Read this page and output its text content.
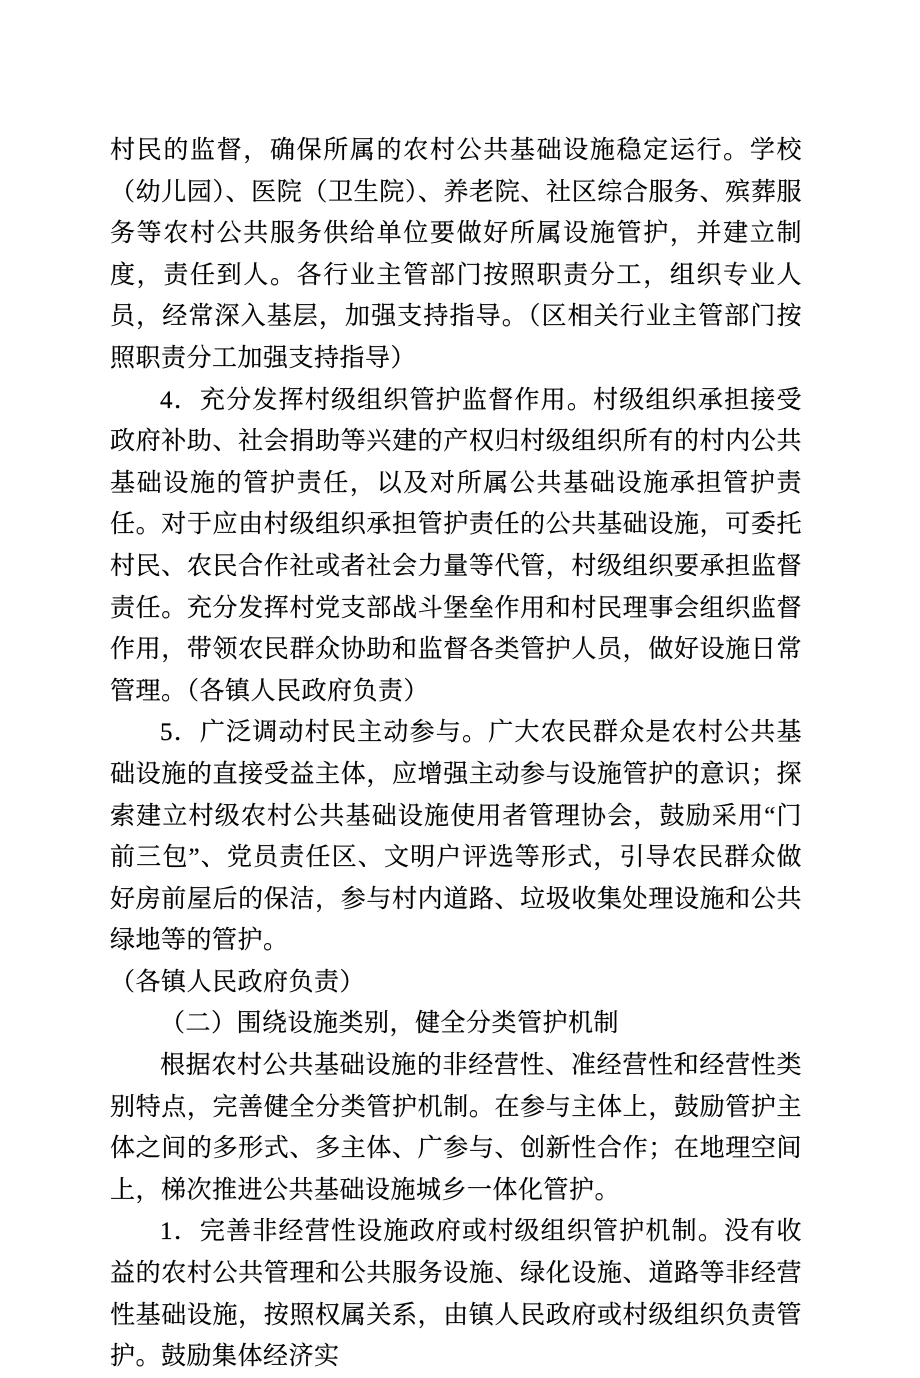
村民的监督，确保所属的农村公共基础设施稳定运行。学校（幼儿园）、医院（卫生院）、养老院、社区综合服务、殡葬服务等农村公共服务供给单位要做好所属设施管护，并建立制度，责任到人。各行业主管部门按照职责分工，组织专业人员，经常深入基层，加强支持指导。（区相关行业主管部门按照职责分工加强支持指导）

4．充分发挥村级组织管护监督作用。村级组织承担接受政府补助、社会捐助等兴建的产权归村级组织所有的村内公共基础设施的管护责任，以及对所属公共基础设施承担管护责任。对于应由村级组织承担管护责任的公共基础设施，可委托村民、农民合作社或者社会力量等代管，村级组织要承担监督责任。充分发挥村党支部战斗堡垒作用和村民理事会组织监督作用，带领农民群众协助和监督各类管护人员，做好设施日常管理。（各镇人民政府负责）

5．广泛调动村民主动参与。广大农民群众是农村公共基础设施的直接受益主体，应增强主动参与设施管护的意识；探索建立村级农村公共基础设施使用者管理协会，鼓励采用“门前三包”、党员责任区、文明户评选等形式，引导农民群众做好房前屋后的保洁，参与村内道路、垃圾收集处理设施和公共绿地等的管护。

（各镇人民政府负责）

（二）围绕设施类别，健全分类管护机制

根据农村公共基础设施的非经营性、准经营性和经营性类别特点，完善健全分类管护机制。在参与主体上，鼓励管护主体之间的多形式、多主体、广参与、创新性合作；在地理空间上，梯次推进公共基础设施城乡一体化管护。

1．完善非经营性设施政府或村级组织管护机制。没有收益的农村公共管理和公共服务设施、绿化设施、道路等非经营性基础设施，按照权属关系，由镇人民政府或村级组织负责管护。鼓励集体经济实
